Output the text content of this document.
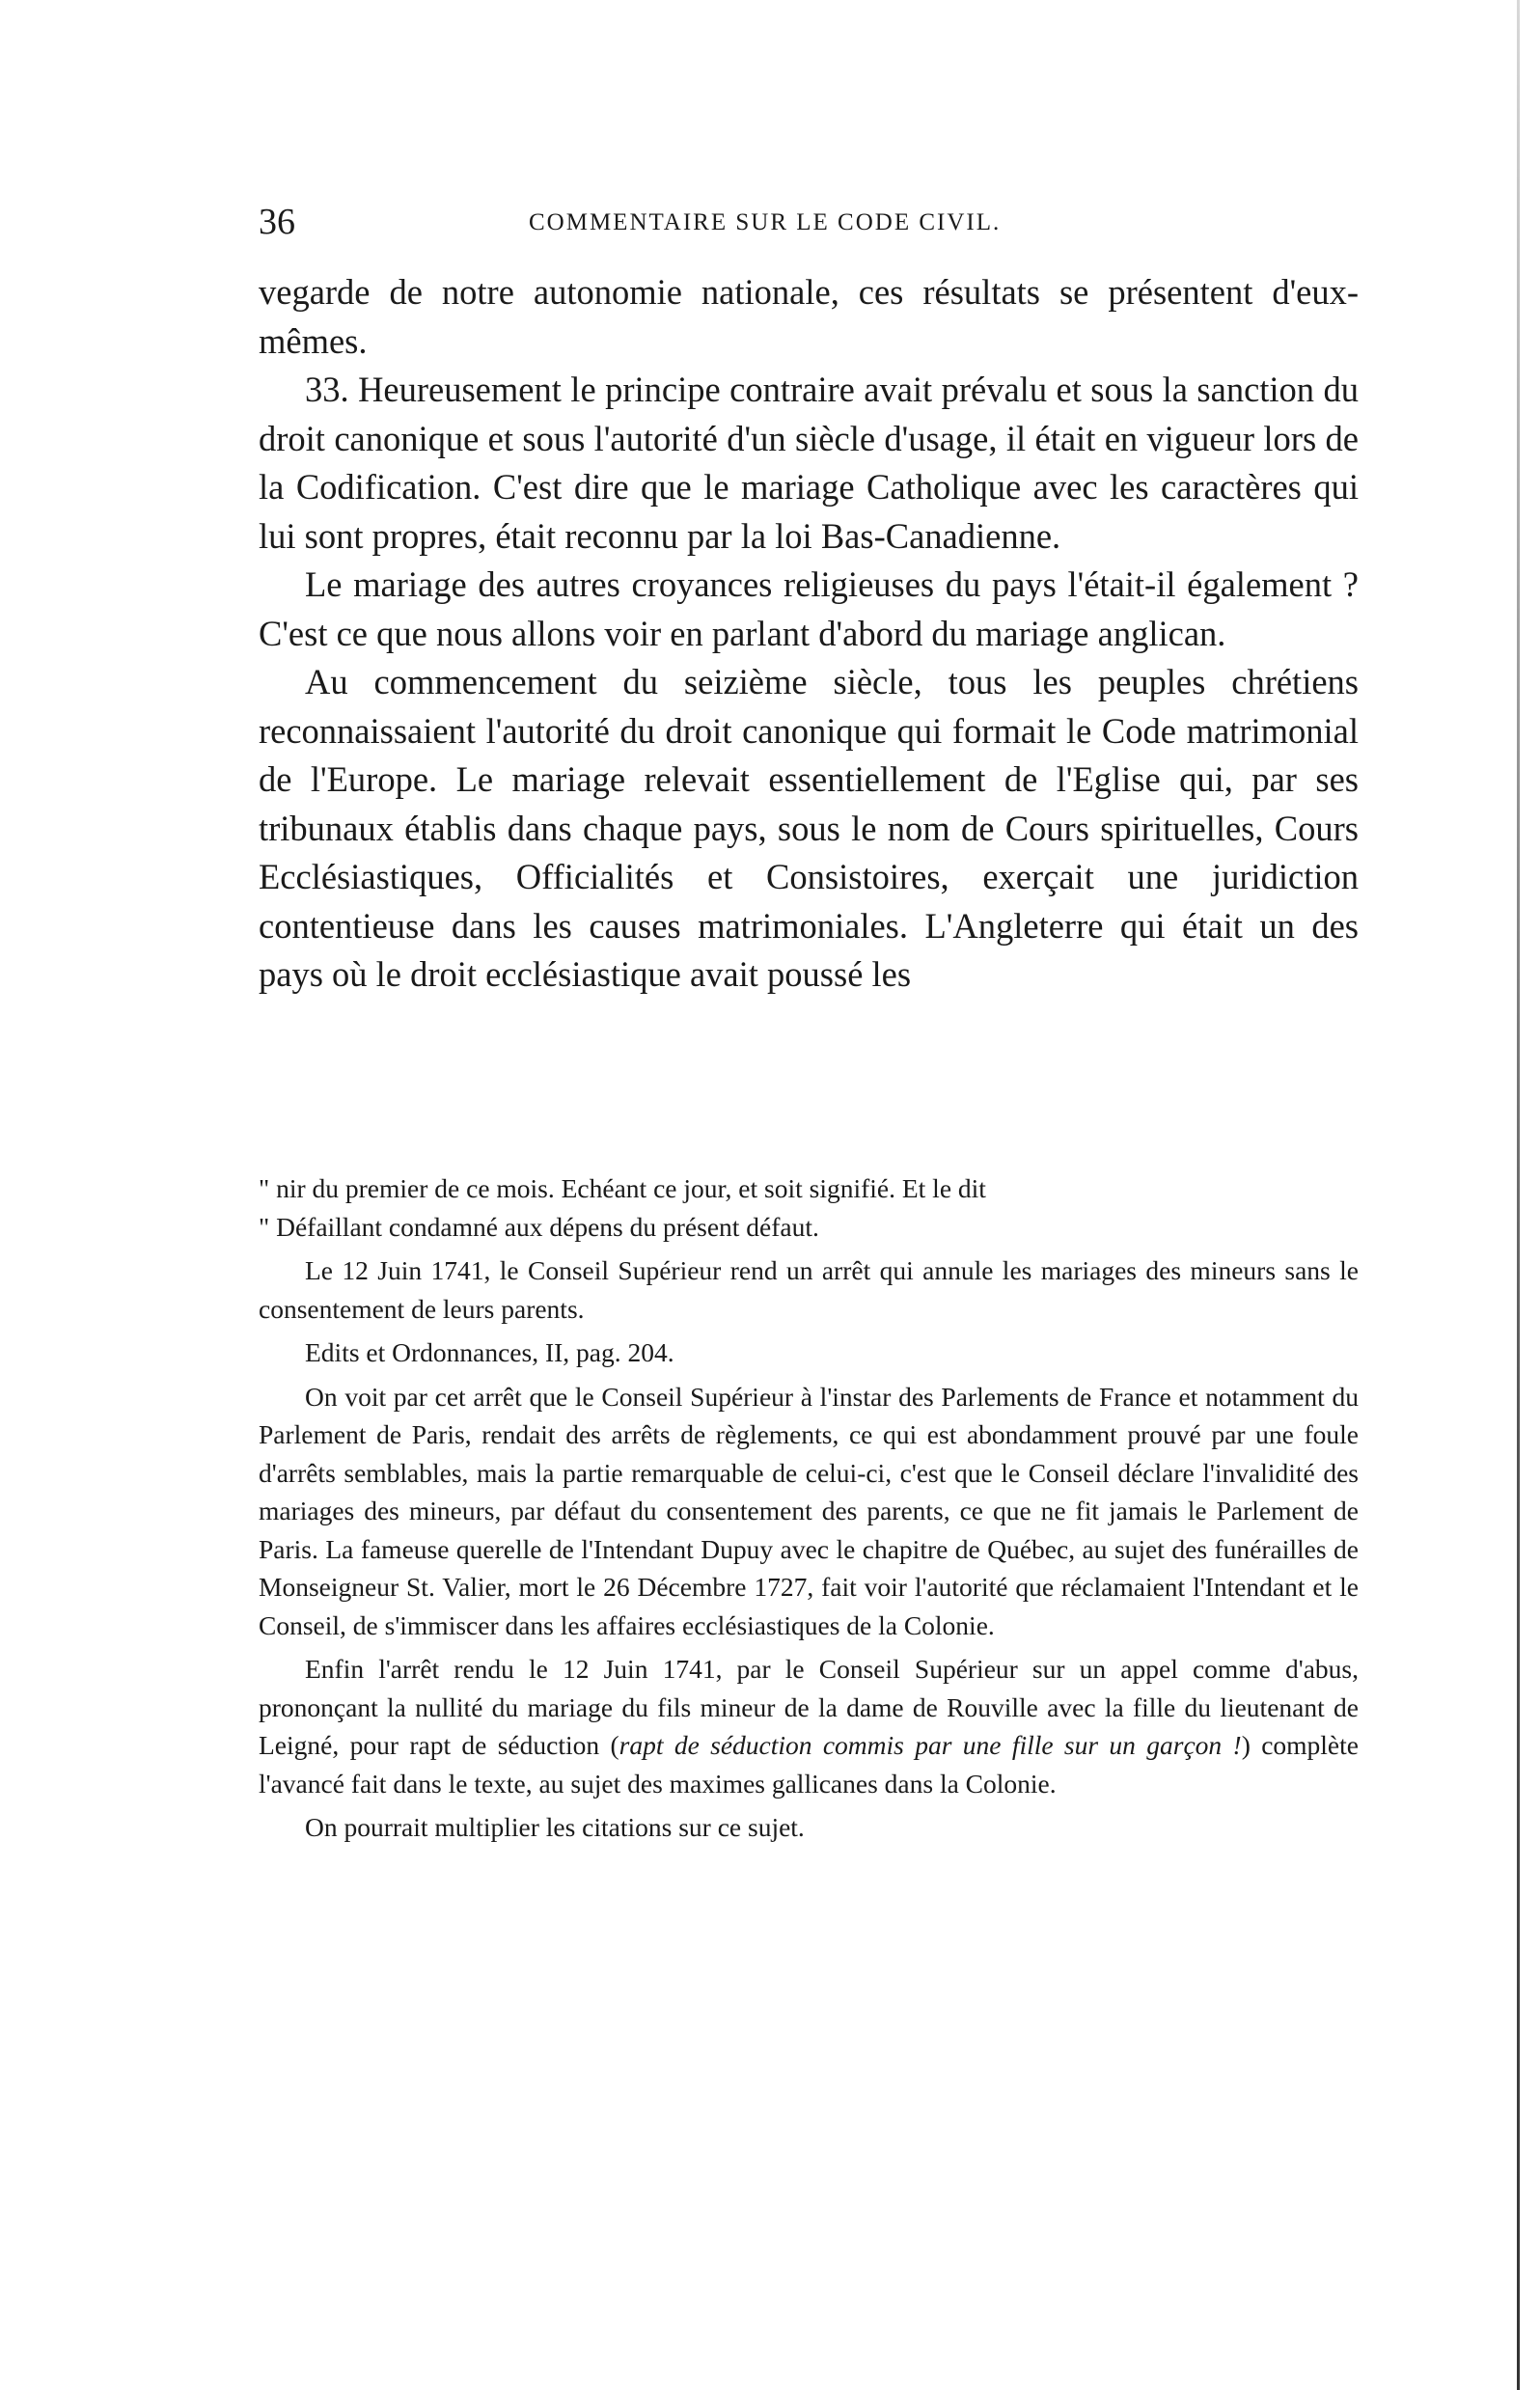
36	COMMENTAIRE SUR LE CODE CIVIL.

vegarde de notre autonomie nationale, ces résultats se présentent d'eux-mêmes.

33. Heureusement le principe contraire avait prévalu et sous la sanction du droit canonique et sous l'autorité d'un siècle d'usage, il était en vigueur lors de la Codification. C'est dire que le mariage Catholique avec les caractères qui lui sont propres, était reconnu par la loi Bas-Canadienne.

Le mariage des autres croyances religieuses du pays l'était-il également ? C'est ce que nous allons voir en parlant d'abord du mariage anglican.

Au commencement du seizième siècle, tous les peuples chrétiens reconnaissaient l'autorité du droit canonique qui formait le Code matrimonial de l'Europe. Le mariage relevait essentiellement de l'Eglise qui, par ses tribunaux établis dans chaque pays, sous le nom de Cours spirituelles, Cours Ecclésiastiques, Officialités et Consistoires, exerçait une juridiction contentieuse dans les causes matrimoniales. L'Angleterre qui était un des pays où le droit ecclésiastique avait poussé les

" nir du premier de ce mois. Echéant ce jour, et soit signifié. Et le dit
" Défaillant condamné aux dépens du présent défaut.

Le 12 Juin 1741, le Conseil Supérieur rend un arrêt qui annule les mariages des mineurs sans le consentement de leurs parents.

Edits et Ordonnances, II, pag. 204.

On voit par cet arrêt que le Conseil Supérieur à l'instar des Parlements de France et notamment du Parlement de Paris, rendait des arrêts de règlements, ce qui est abondamment prouvé par une foule d'arrêts semblables, mais la partie remarquable de celui-ci, c'est que le Conseil déclare l'invalidité des mariages des mineurs, par défaut du consentement des parents, ce que ne fit jamais le Parlement de Paris. La fameuse querelle de l'Intendant Dupuy avec le chapitre de Québec, au sujet des funérailles de Monseigneur St. Valier, mort le 26 Décembre 1727, fait voir l'autorité que réclamaient l'Intendant et le Conseil, de s'immiscer dans les affaires ecclésiastiques de la Colonie.

Enfin l'arrêt rendu le 12 Juin 1741, par le Conseil Supérieur sur un appel comme d'abus, prononçant la nullité du mariage du fils mineur de la dame de Rouville avec la fille du lieutenant de Leigné, pour rapt de séduction (rapt de séduction commis par une fille sur un garçon !) complète l'avancé fait dans le texte, au sujet des maximes gallicanes dans la Colonie.

On pourrait multiplier les citations sur ce sujet.
